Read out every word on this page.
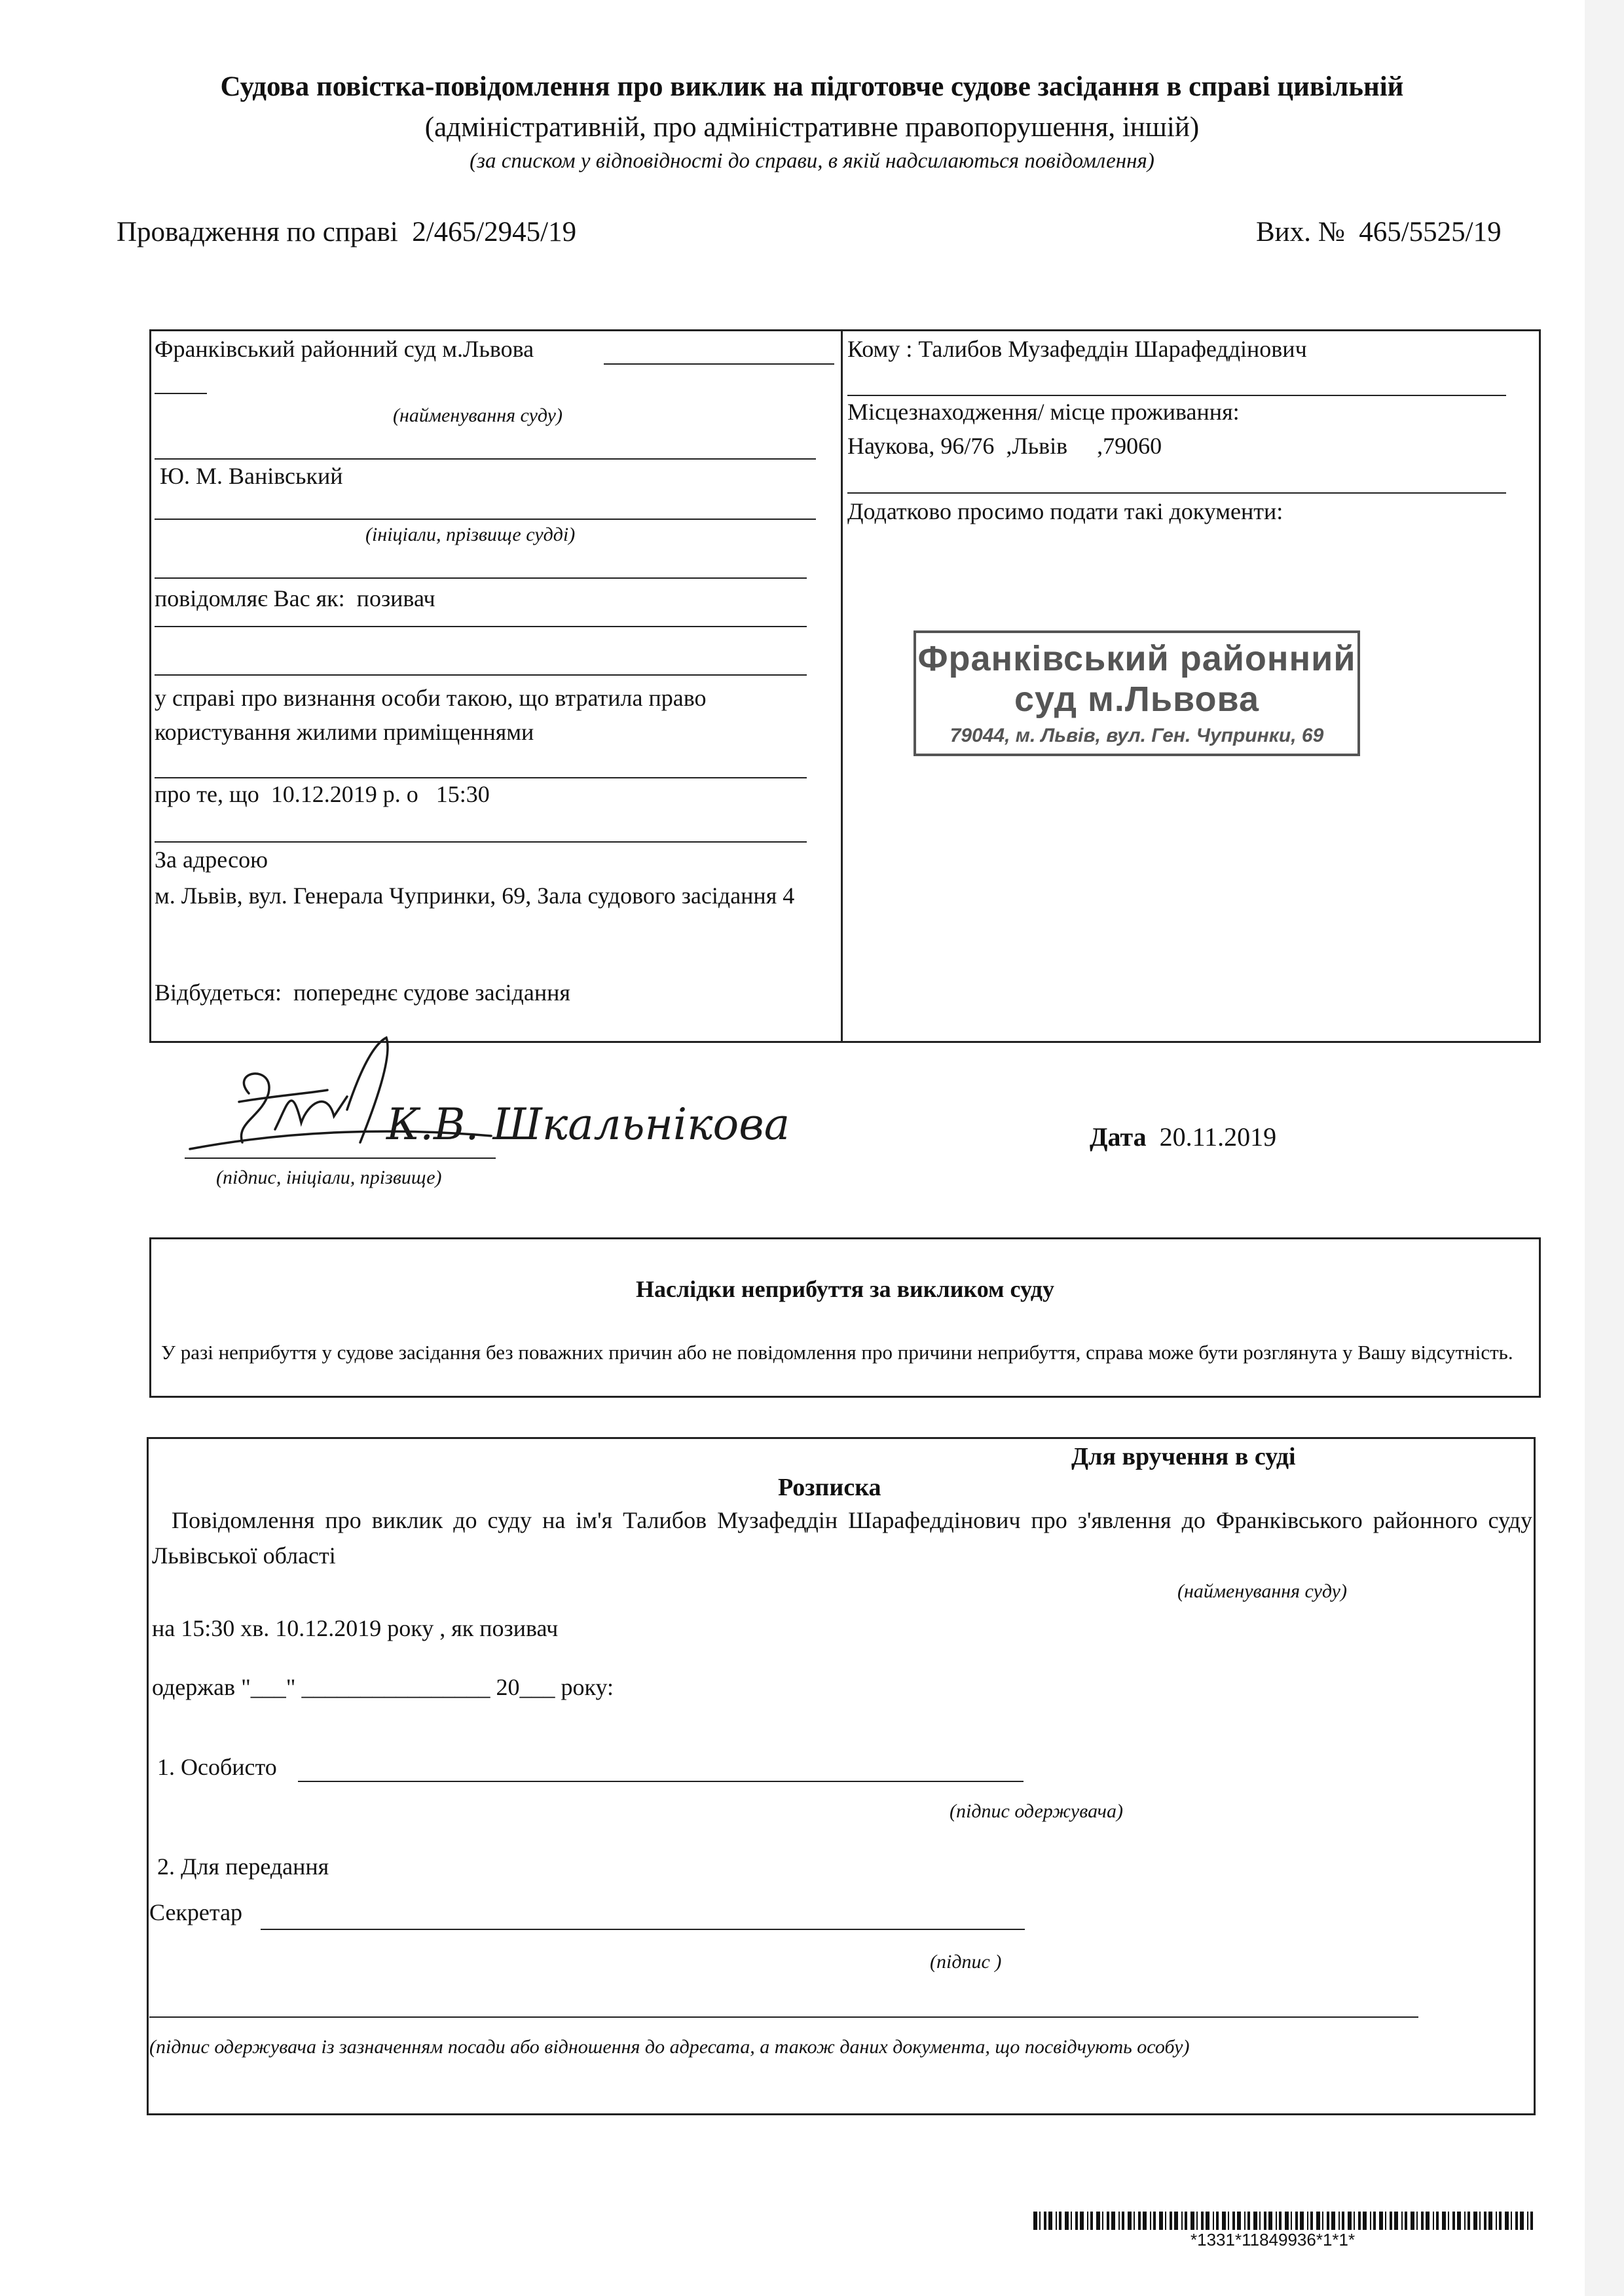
Судова повістка-повідомлення про виклик на підготовче судове засідання в справі цивільній
(адміністративній, про адміністративне правопорушення, іншій)
(за списком у відповідності до справи, в якій надсилаються повідомлення)
Провадження по справі 2/465/2945/19	Вих. № 465/5525/19
Франківський районний суд м.Львова
(найменування суду)
Ю. М. Ванівський
(ініціали, прізвище судді)
повідомляє Вас як: позивач
у справі про визнання особи такою, що втратила право користування жилими приміщеннями
про те, що 10.12.2019 р. о 15:30
За адресою
м. Львів, вул. Генерала Чупринки, 69, Зала судового засідання 4
Відбудеться: попереднє судове засідання
Кому : Талибов Музафеддін Шарафеддінович
Місцезнаходження/ місце проживання:
Наукова, 96/76  ,Львів     ,79060
Додатково просимо подати такі документи:
Франківський районний
суд м.Львова
79044, м. Львів, вул. Ген. Чупринки, 69
К.В. Шкальнікова
(підпис, ініціали, прізвище)
Дата 20.11.2019
Наслідки неприбуття за викликом суду
У разі неприбуття у судове засідання без поважних причин або не повідомлення про причини неприбуття, справа може бути розглянута у Вашу відсутність.
Для вручення в суді
Розписка
Повідомлення про виклик до суду на ім'я Талибов Музафеддін Шарафеддінович про з'явлення до Франківського районного суду Львівської області
(найменування суду)
на 15:30 хв. 10.12.2019 року , як позивач
одержав "___" ________________ 20___ року:
1. Особисто
(підпис одержувача)
2. Для передання
Секретар
(підпис )
(підпис одержувача із зазначенням посади або відношення до адресата, а також даних документа, що посвідчують особу)
*1331*11849936*1*1*
